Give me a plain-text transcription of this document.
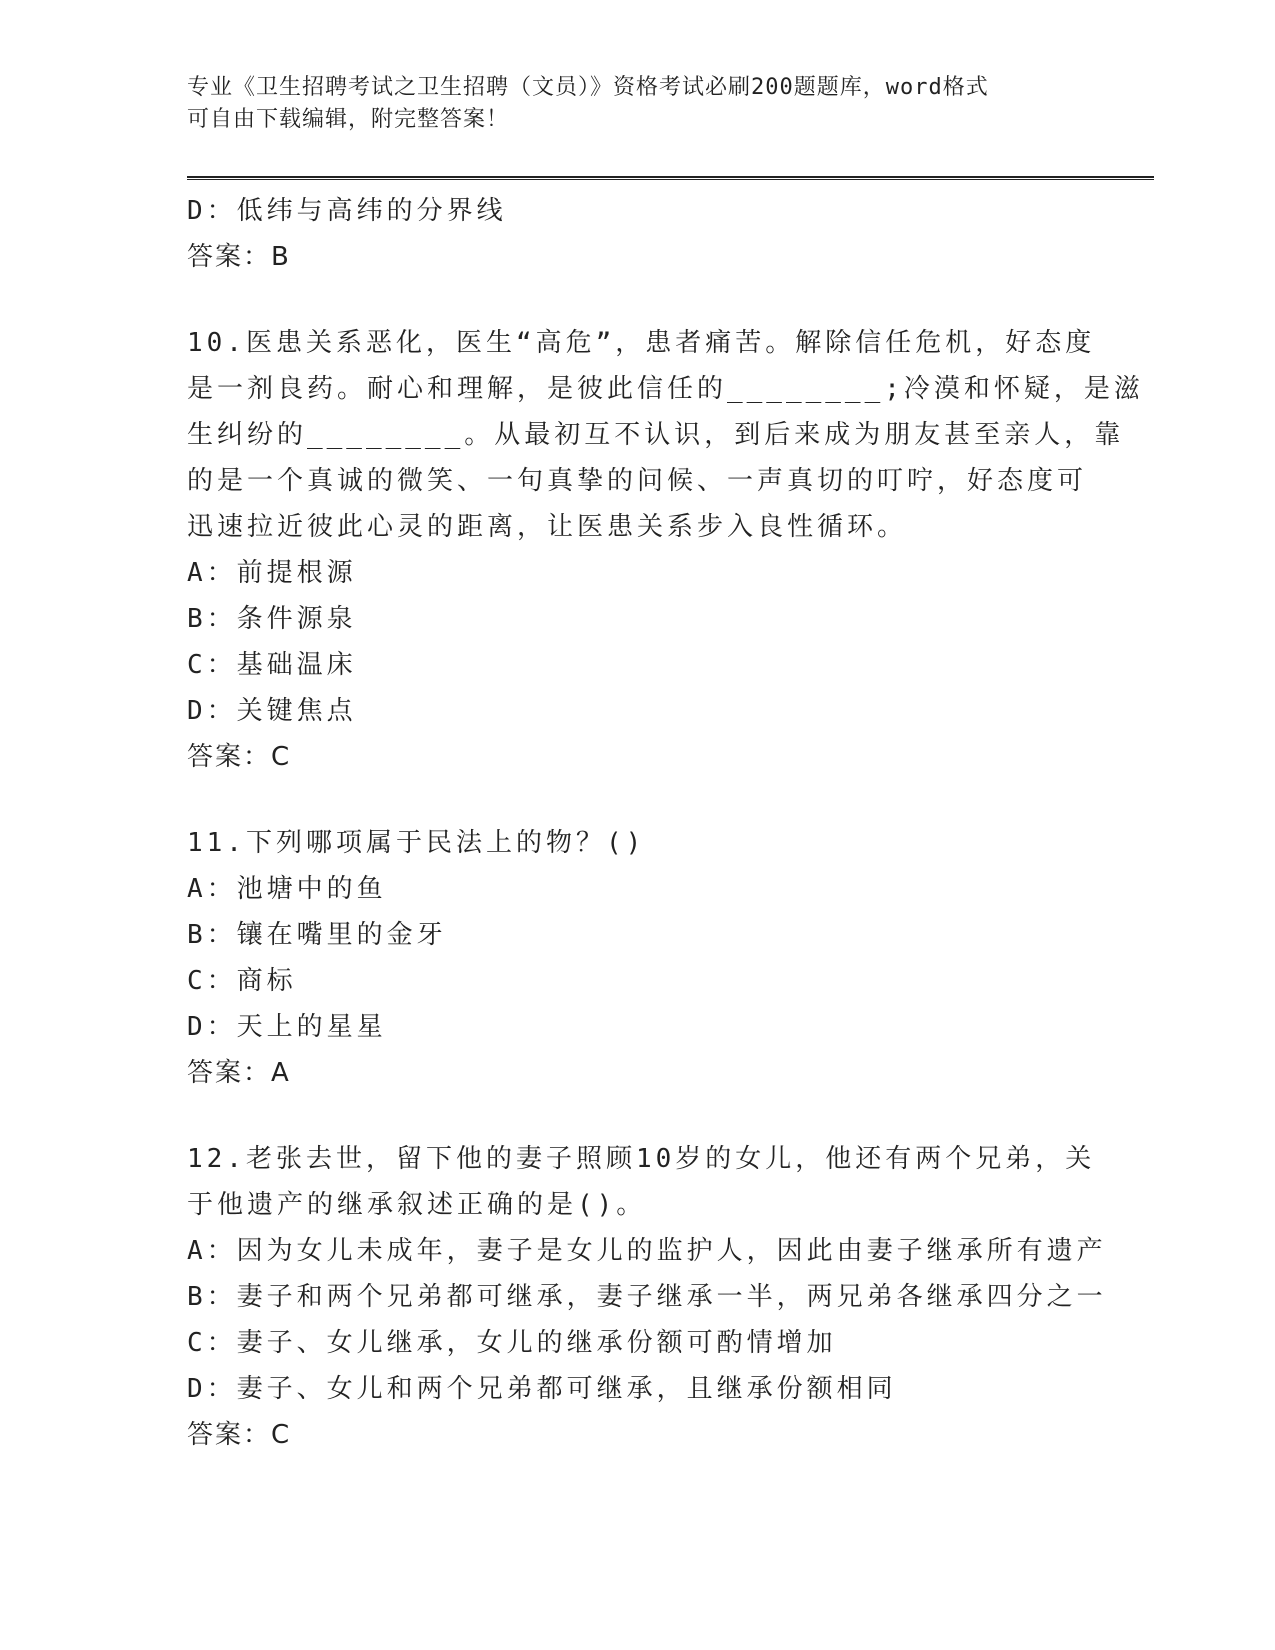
专业《卫生招聘考试之卫生招聘（文员）》资格考试必刷200题题库，word格式
可自由下载编辑，附完整答案！
D：低纬与高纬的分界线
答案：B
10.医患关系恶化，医生“高危”，患者痛苦。解除信任危机，好态度
是一剂良药。耐心和理解，是彼此信任的________;冷漠和怀疑，是滋
生纠纷的________。从最初互不认识，到后来成为朋友甚至亲人，靠
的是一个真诚的微笑、一句真挚的问候、一声真切的叮咛，好态度可
迅速拉近彼此心灵的距离，让医患关系步入良性循环。
A：前提根源
B：条件源泉
C：基础温床
D：关键焦点
答案：C
11.下列哪项属于民法上的物？()
A：池塘中的鱼
B：镶在嘴里的金牙
C：商标
D：天上的星星
答案：A
12.老张去世，留下他的妻子照顾10岁的女儿，他还有两个兄弟，关
于他遗产的继承叙述正确的是()。
A：因为女儿未成年，妻子是女儿的监护人，因此由妻子继承所有遗产
B：妻子和两个兄弟都可继承，妻子继承一半，两兄弟各继承四分之一
C：妻子、女儿继承，女儿的继承份额可酌情增加
D：妻子、女儿和两个兄弟都可继承，且继承份额相同
答案：C
